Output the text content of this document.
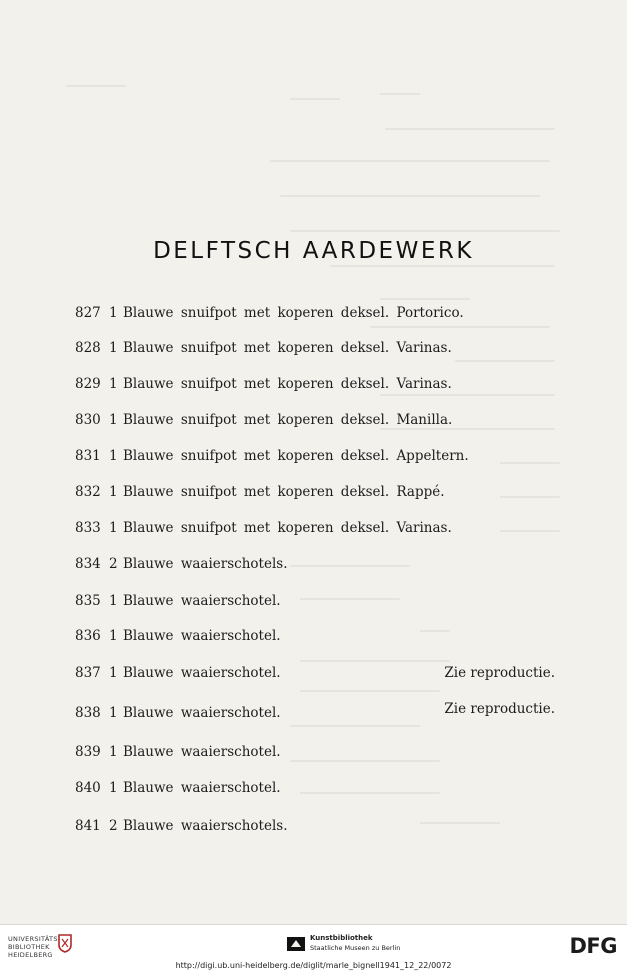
DELFTSCH AARDEWERK
827 1 Blauwe snuifpot met koperen deksel. Portorico.
828 1 Blauwe snuifpot met koperen deksel. Varinas.
829 1 Blauwe snuifpot met koperen deksel. Varinas.
830 1 Blauwe snuifpot met koperen deksel. Manilla.
831 1 Blauwe snuifpot met koperen deksel. Appeltern.
832 1 Blauwe snuifpot met koperen deksel. Rappé.
833 1 Blauwe snuifpot met koperen deksel. Varinas.
834 2 Blauwe waaierschotels.
835 1 Blauwe waaierschotel.
836 1 Blauwe waaierschotel.
837 1 Blauwe waaierschotel.	Zie reproductie.
838 1 Blauwe waaierschotel.	Zie reproductie.
839 1 Blauwe waaierschotel.
840 1 Blauwe waaierschotel.
841 2 Blauwe waaierschotels.
UNIVERSITÄTS-
BIBLIOTHEK
HEIDELBERG
Kunstbibliothek
Staatliche Museen zu Berlin	DFG
http://digi.ub.uni-heidelberg.de/diglit/marle_bignell1941_12_22/0072
